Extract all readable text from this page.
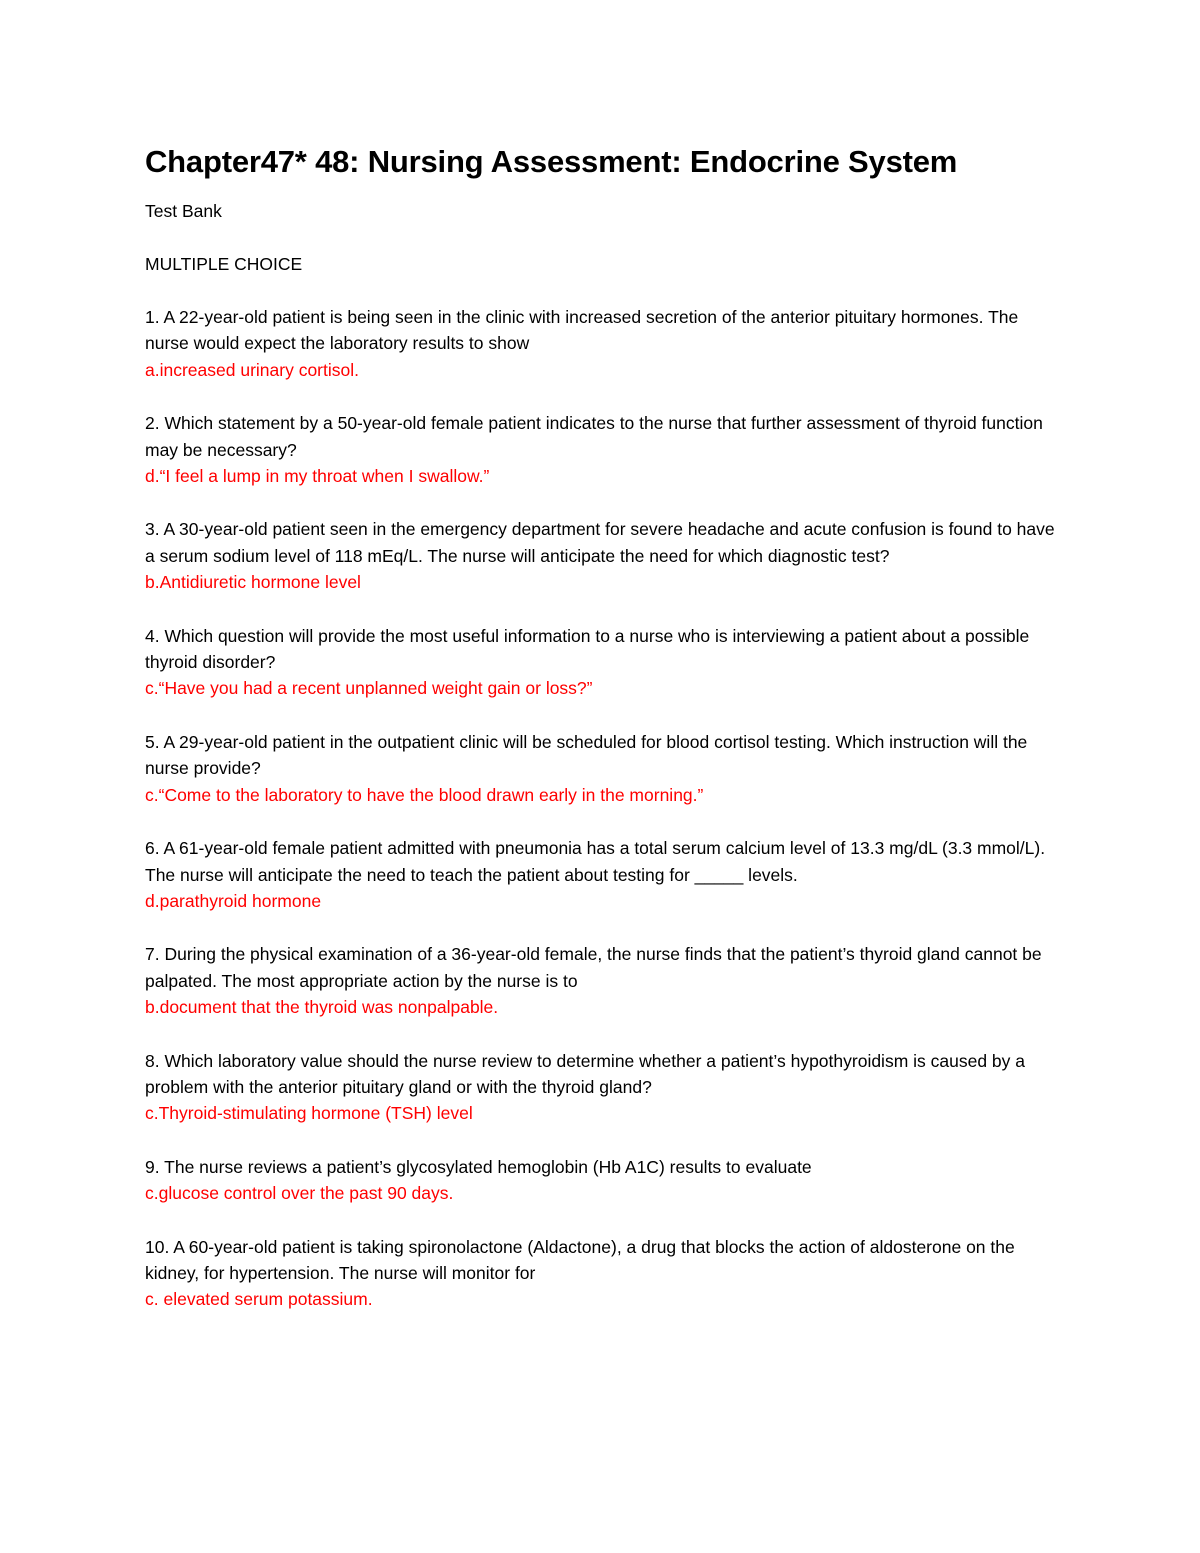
Chapter47* 48: Nursing Assessment: Endocrine System

Test Bank

MULTIPLE CHOICE

1. A 22-year-old patient is being seen in the clinic with increased secretion of the anterior pituitary hormones. The nurse would expect the laboratory results to show
a.increased urinary cortisol.
2. Which statement by a 50-year-old female patient indicates to the nurse that further assessment of thyroid function may be necessary?
d.“I feel a lump in my throat when I swallow.”
3. A 30-year-old patient seen in the emergency department for severe headache and acute confusion is found to have a serum sodium level of 118 mEq/L. The nurse will anticipate the need for which diagnostic test?
b.Antidiuretic hormone level
4. Which question will provide the most useful information to a nurse who is interviewing a patient about a possible thyroid disorder?
c.“Have you had a recent unplanned weight gain or loss?”
5. A 29-year-old patient in the outpatient clinic will be scheduled for blood cortisol testing. Which instruction will the nurse provide?
c.“Come to the laboratory to have the blood drawn early in the morning.”
6. A 61-year-old female patient admitted with pneumonia has a total serum calcium level of 13.3 mg/dL (3.3 mmol/L). The nurse will anticipate the need to teach the patient about testing for _____ levels.
d.parathyroid hormone
7. During the physical examination of a 36-year-old female, the nurse finds that the patient’s thyroid gland cannot be palpated. The most appropriate action by the nurse is to
b.document that the thyroid was nonpalpable.
8. Which laboratory value should the nurse review to determine whether a patient’s hypothyroidism is caused by a problem with the anterior pituitary gland or with the thyroid gland?
c.Thyroid-stimulating hormone (TSH) level
9. The nurse reviews a patient’s glycosylated hemoglobin (Hb A1C) results to evaluate
c.glucose control over the past 90 days.
10. A 60-year-old patient is taking spironolactone (Aldactone), a drug that blocks the action of aldosterone on the kidney, for hypertension. The nurse will monitor for
c. elevated serum potassium.
